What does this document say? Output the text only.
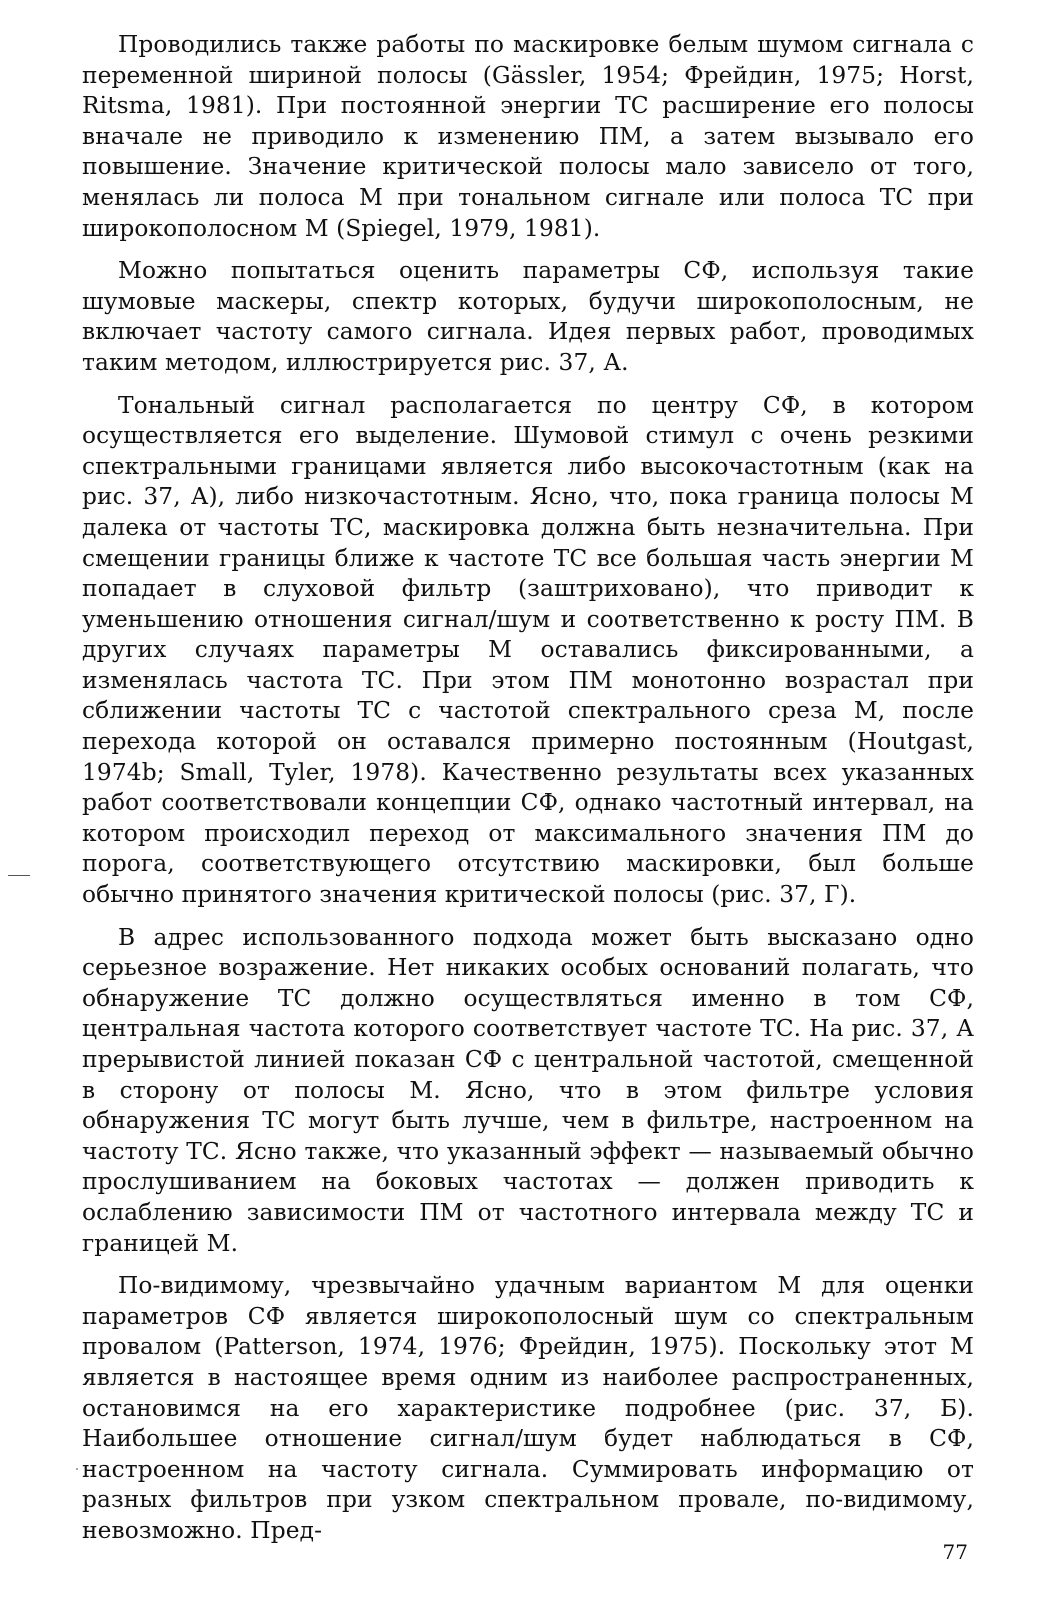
Проводились также работы по маскировке белым шумом сигнала с переменной шириной полосы (Gässler, 1954; Фрейдин, 1975; Horst, Ritsma, 1981). При постоянной энергии ТС расширение его полосы вначале не приводило к изменению ПМ, а затем вызывало его повышение. Значение критической полосы мало зависело от того, менялась ли полоса М при тональном сигнале или полоса ТС при широкополосном М (Spiegel, 1979, 1981).

Можно попытаться оценить параметры СФ, используя такие шумовые маскеры, спектр которых, будучи широкополосным, не включает частоту самого сигнала. Идея первых работ, проводимых таким методом, иллюстрируется рис. 37, А.

Тональный сигнал располагается по центру СФ, в котором осуществляется его выделение. Шумовой стимул с очень резкими спектральными границами является либо высокочастотным (как на рис. 37, А), либо низкочастотным. Ясно, что, пока граница полосы М далека от частоты ТС, маскировка должна быть незначительна. При смещении границы ближе к частоте ТС все большая часть энергии М попадает в слуховой фильтр (заштриховано), что приводит к уменьшению отношения сигнал/шум и соответственно к росту ПМ. В других случаях параметры М оставались фиксированными, а изменялась частота ТС. При этом ПМ монотонно возрастал при сближении частоты ТС с частотой спектрального среза М, после перехода которой он оставался примерно постоянным (Houtgast, 1974b; Small, Tyler, 1978). Качественно результаты всех указанных работ соответствовали концепции СФ, однако частотный интервал, на котором происходил переход от максимального значения ПМ до порога, соответствующего отсутствию маскировки, был больше обычно принятого значения критической полосы (рис. 37, Г).

В адрес использованного подхода может быть высказано одно серьезное возражение. Нет никаких особых оснований полагать, что обнаружение ТС должно осуществляться именно в том СФ, центральная частота которого соответствует частоте ТС. На рис. 37, А прерывистой линией показан СФ с центральной частотой, смещенной в сторону от полосы М. Ясно, что в этом фильтре условия обнаружения ТС могут быть лучше, чем в фильтре, настроенном на частоту ТС. Ясно также, что указанный эффект — называемый обычно прослушиванием на боковых частотах — должен приводить к ослаблению зависимости ПМ от частотного интервала между ТС и границей М.

По-видимому, чрезвычайно удачным вариантом М для оценки параметров СФ является широкополосный шум со спектральным провалом (Patterson, 1974, 1976; Фрейдин, 1975). Поскольку этот М является в настоящее время одним из наиболее распространенных, остановимся на его характеристике подробнее (рис. 37, Б). Наибольшее отношение сигнал/шум будет наблюдаться в СФ, настроенном на частоту сигнала. Суммировать информацию от разных фильтров при узком спектральном провале, по-видимому, невозможно. Пред-

77
